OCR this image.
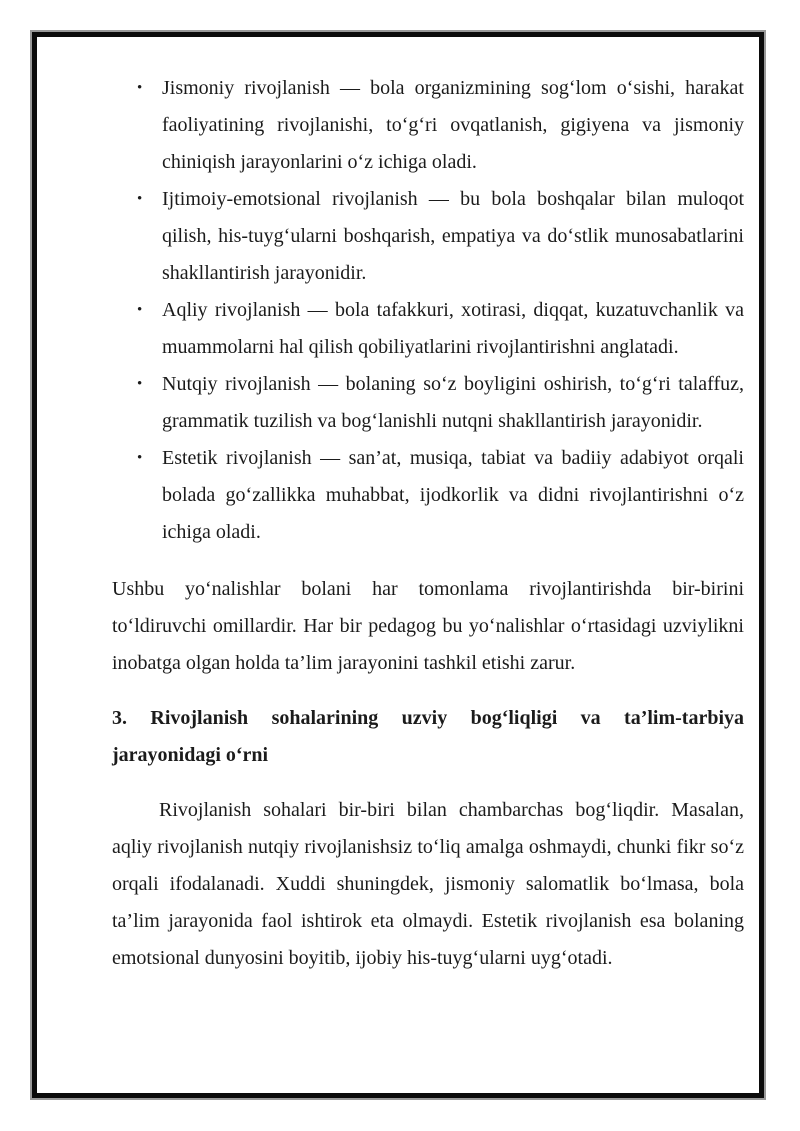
• Jismoniy rivojlanish — bola organizmining sog‘lom o‘sishi, harakat faoliyatining rivojlanishi, to‘g‘ri ovqatlanish, gigiyena va jismoniy chiniqish jarayonlarini o‘z ichiga oladi.
• Ijtimoiy-emotsional rivojlanish — bu bola boshqalar bilan muloqot qilish, his-tuyg‘ularni boshqarish, empatiya va do‘stlik munosabatlarini shakllantirish jarayonidir.
• Aqliy rivojlanish — bola tafakkuri, xotirasi, diqqat, kuzatuvchanlik va muammolarni hal qilish qobiliyatlarini rivojlantirishni anglatadi.
• Nutqiy rivojlanish — bolaning so‘z boyligini oshirish, to‘g‘ri talaffuz, grammatik tuzilish va bog‘lanishli nutqni shakllantirish jarayonidir.
• Estetik rivojlanish — san’at, musiqa, tabiat va badiiy adabiyot orqali bolada go‘zallikka muhabbat, ijodkorlik va didni rivojlantirishni o‘z ichiga oladi.

Ushbu yo‘nalishlar bolani har tomonlama rivojlantirishda bir-birini to‘ldiruvchi omillardir. Har bir pedagog bu yo‘nalishlar o‘rtasidagi uzviylikni inobatga olgan holda ta’lim jarayonini tashkil etishi zarur.

3. Rivojlanish sohalarining uzviy bog‘liqligi va ta’lim-tarbiya jarayonidagi o‘rni

Rivojlanish sohalari bir-biri bilan chambarchas bog‘liqdir. Masalan, aqliy rivojlanish nutqiy rivojlanishsiz to‘liq amalga oshmaydi, chunki fikr so‘z orqali ifodalanadi. Xuddi shuningdek, jismoniy salomatlik bo‘lmasa, bola ta’lim jarayonida faol ishtirok eta olmaydi. Estetik rivojlanish esa bolaning emotsional dunyosini boyitib, ijobiy his-tuyg‘ularni uyg‘otadi.
